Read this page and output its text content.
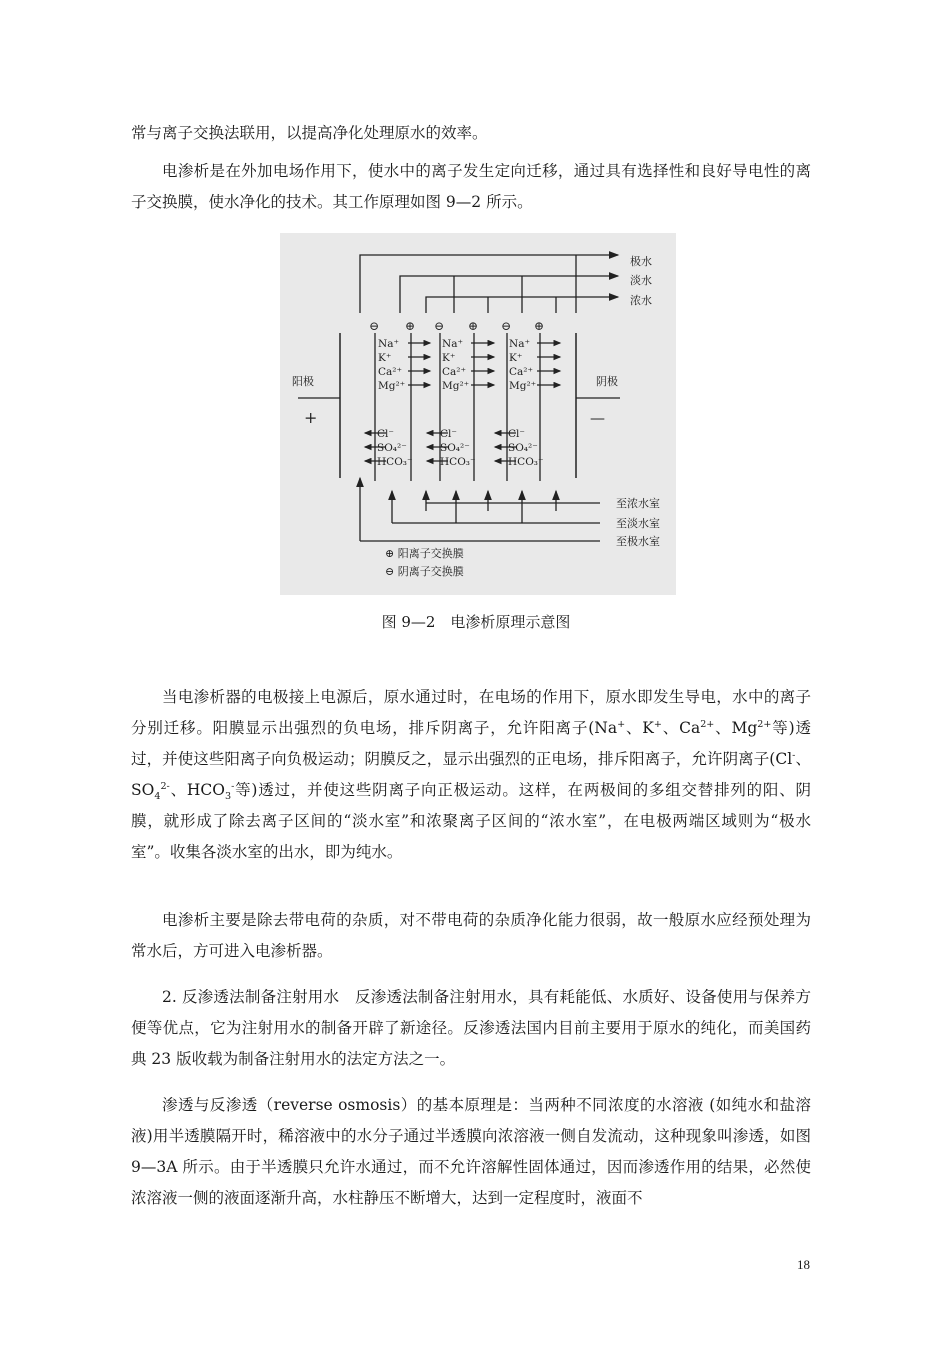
常与离子交换法联用，以提高净化处理原水的效率。

电渗析是在外加电场作用下，使水中的离子发生定向迁移，通过具有选择性和良好导电性的离子交换膜，使水净化的技术。其工作原理如图 9—2 所示。

极水
淡水
浓水
⊖ ⊕ ⊖ ⊕ ⊖ ⊕
阳极
+
阴极
—
Na⁺
K⁺
Ca²⁺
Mg²⁺
Na⁺
K⁺
Ca²⁺
Mg²⁺
Na⁺
K⁺
Ca²⁺
Mg²⁺
Cl⁻
SO₄²⁻
HCO₃⁻
Cl⁻
SO₄²⁻
HCO₃⁻
Cl⁻
SO₄²⁻
HCO₃⁻
至浓水室
至淡水室
至极水室
⊕ 阳离子交换膜
⊖ 阴离子交换膜
图 9—2　电渗析原理示意图

当电渗析器的电极接上电源后，原水通过时，在电场的作用下，原水即发生导电，水中的离子分别迁移。阳膜显示出强烈的负电场，排斥阴离子，允许阳离子(Na+、K+、$Ca^{2+}$、$Mg^{2+}$等)透过，并使这些阳离子向负极运动；阴膜反之，显示出强烈的正电场，排斥阳离子，允许阴离子(Cl-、$SO_4^{2-}$、$HCO_3^-$等)透过，并使这些阴离子向正极运动。这样，在两极间的多组交替排列的阳、阴膜，就形成了除去离子区间的“淡水室”和浓聚离子区间的“浓水室”，在电极两端区域则为“极水室”。收集各淡水室的出水，即为纯水。

电渗析主要是除去带电荷的杂质，对不带电荷的杂质净化能力很弱，故一般原水应经预处理为常水后，方可进入电渗析器。

2. 反渗透法制备注射用水　反渗透法制备注射用水，具有耗能低、水质好、设备使用与保养方便等优点，它为注射用水的制备开辟了新途径。反渗透法国内目前主要用于原水的纯化，而美国药典 23 版收载为制备注射用水的法定方法之一。

渗透与反渗透（reverse osmosis）的基本原理是：当两种不同浓度的水溶液 (如纯水和盐溶液)用半透膜隔开时，稀溶液中的水分子通过半透膜向浓溶液一侧自发流动，这种现象叫渗透，如图 9—3A 所示。由于半透膜只允许水通过，而不允许溶解性固体通过，因而渗透作用的结果，必然使浓溶液一侧的液面逐渐升高，水柱静压不断增大，达到一定程度时，液面不

18
